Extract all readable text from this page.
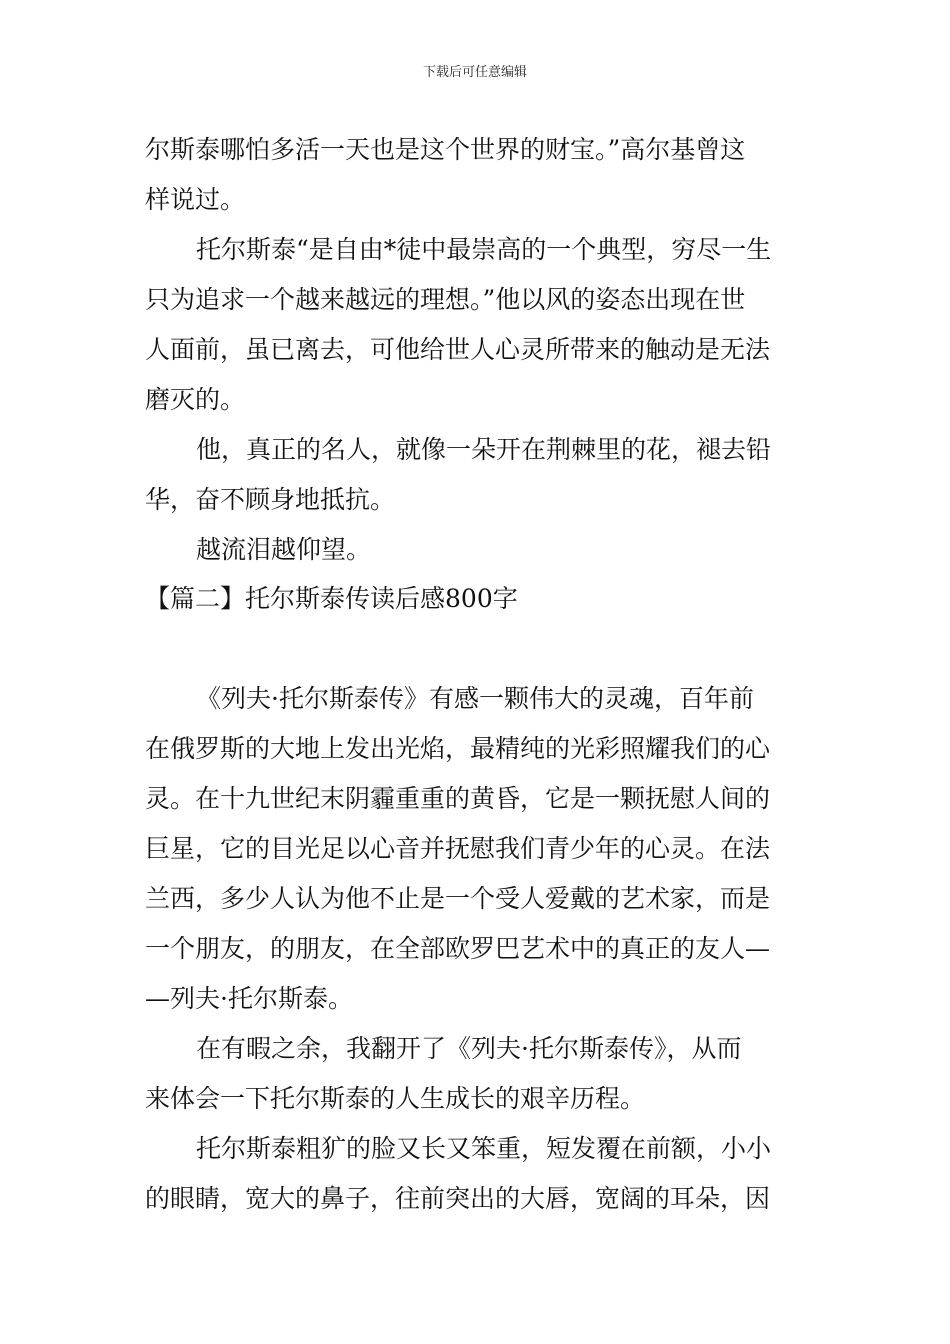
下载后可任意编辑
尔斯泰哪怕多活一天也是这个世界的财宝。”高尔基曾这
样说过。
托尔斯泰“是自由*徒中最崇高的一个典型，穷尽一生
只为追求一个越来越远的理想。”他以风的姿态出现在世
人面前，虽已离去，可他给世人心灵所带来的触动是无法
磨灭的。
他，真正的名人，就像一朵开在荆棘里的花，褪去铅
华，奋不顾身地抵抗。
越流泪越仰望。
【篇二】托尔斯泰传读后感800字
《列夫·托尔斯泰传》有感一颗伟大的灵魂，百年前
在俄罗斯的大地上发出光焰，最精纯的光彩照耀我们的心
灵。在十九世纪末阴霾重重的黄昏，它是一颗抚慰人间的
巨星，它的目光足以心音并抚慰我们青少年的心灵。在法
兰西，多少人认为他不止是一个受人爱戴的艺术家，而是
一个朋友，的朋友，在全部欧罗巴艺术中的真正的友人—
—列夫·托尔斯泰。
在有暇之余，我翻开了《列夫·托尔斯泰传》，从而
来体会一下托尔斯泰的人生成长的艰辛历程。
托尔斯泰粗犷的脸又长又笨重，短发覆在前额，小小
的眼睛，宽大的鼻子，往前突出的大唇，宽阔的耳朵，因
